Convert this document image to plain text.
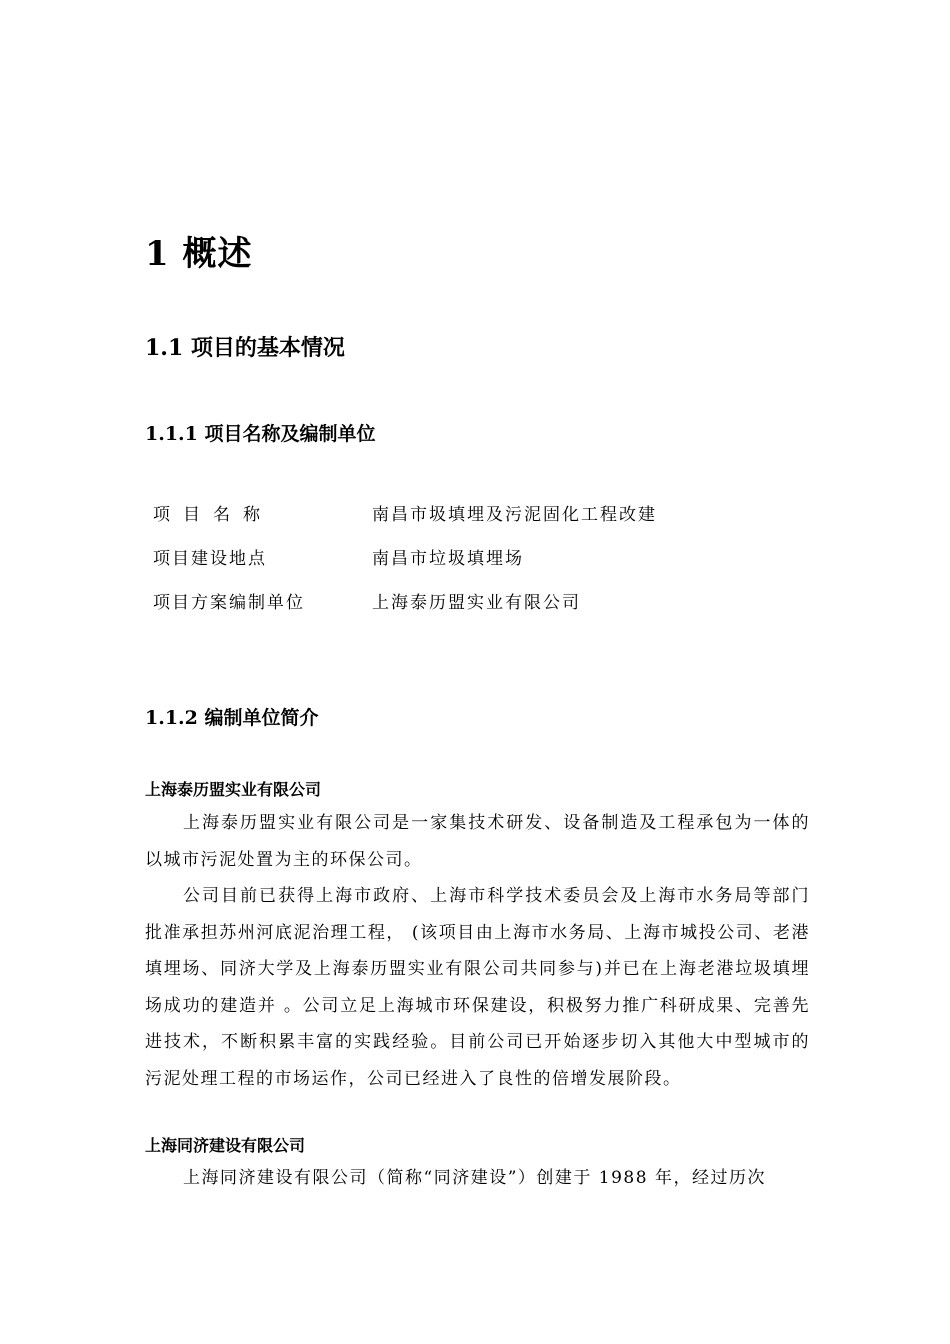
1 概述
1.1 项目的基本情况
1.1.1 项目名称及编制单位
项目名称	南昌市圾填埋及污泥固化工程改建
项目建设地点	南昌市垃圾填埋场
项目方案编制单位	上海泰历盟实业有限公司
1.1.2 编制单位简介
上海泰历盟实业有限公司

上海泰历盟实业有限公司是一家集技术研发、设备制造及工程承包为一体的以城市污泥处置为主的环保公司。

公司目前已获得上海市政府、上海市科学技术委员会及上海市水务局等部门批准承担苏州河底泥治理工程， (该项目由上海市水务局、上海市城投公司、老港填埋场、同济大学及上海泰历盟实业有限公司共同参与)并已在上海老港垃圾填埋场成功的建造并 。公司立足上海城市环保建设，积极努力推广科研成果、完善先进技术，不断积累丰富的实践经验。目前公司已开始逐步切入其他大中型城市的污泥处理工程的市场运作，公司已经进入了良性的倍增发展阶段。

上海同济建设有限公司

上海同济建设有限公司（简称“同济建设”）创建于 1988 年，经过历次
